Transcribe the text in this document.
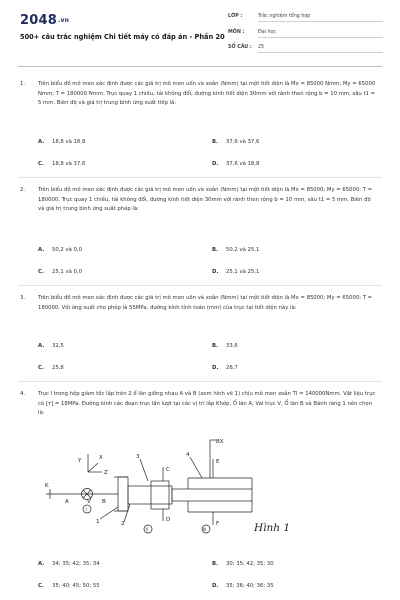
2048.vn
500+ câu trắc nghiệm Chi tiết máy có đáp án - Phần 20
LỚP :	Trắc nghiệm tổng hợp
MÔN :	Đại học
SỐ CÂU : 25
1. Trên biểu đồ mô men xác định được các giá trị mô men uốn và xoắn (Nmm) tại một tiết diện là Mx = 85000 Nmm; My = 65000 Nmm; T = 180000 Nmm. Trục quay 1 chiều, tải không đổi, đường kính tiết diện 30mm với rãnh then rộng b = 10 mm, sâu t1 = 5 mm. Biên độ và giá trị trung bình ứng suất tiếp là:
A. 18,8 và 18,8	B. 37,6 và 37,6
C. 18,8 và 37,6	D. 37,6 và 18,8
2. Trên biểu đồ mô men xác định được các giá trị mô men uốn và xoắn (Nmm) tại một tiết diện là Mx = 85000; My = 65000; T = 180000. Trục quay 1 chiều, tải không đổi, đường kính tiết diện 30mm với rãnh then rộng b = 10 mm, sâu t1 = 5 mm. Biên độ và giá trị trung bình ứng suất pháp là:
A. 50,2 và 0,0	B. 50,2 và 25,1
C. 25,1 và 0,0	D. 25,1 và 25,1
3. Trên biểu đồ mô men xác định được các giá trị mô men uốn và xoắn (Nmm) tại một tiết diện là Mx = 85000; My = 65000; T = 180000. Với ứng suất cho phép là 55MPa, đường kính tính toán (mm) của trục tại tiết diện này là:
A. 32,5	B. 33,6
C. 25,8	D. 26,7
4. Trục I trong hộp giảm tốc lắp trên 2 ổ lăn giống nhau A và B (xem hình vẽ 1) chịu mô men xoắn TI = 140000Nmm. Vật liệu trục có [τ] = 18MPa. Đường kính các đoạn trục lần lượt tại các vị trí lắp Khớp, Ổ lăn A; Vai trục V, Ổ lăn B và Bánh răng 1 nên chọn là:
BX
Y	X
Z
K
3	4
C
E
1	2
D
F
A	V B
I
II	III	Hình 1
A. 34; 35; 42; 35; 34	B. 30; 35; 42; 35; 30
C. 35; 40; 45; 50; 55	D. 35; 36; 40; 36; 35
